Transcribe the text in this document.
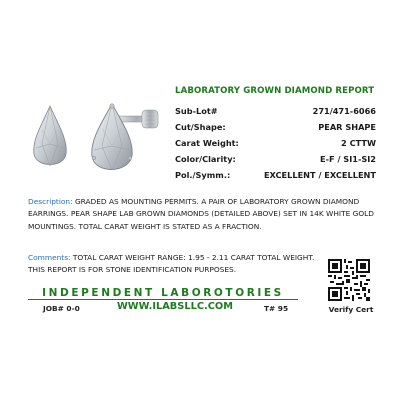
LABORATORY GROWN DIAMOND REPORT
Sub-Lot#	271/471-6066
Cut/Shape:	PEAR SHAPE
Carat Weight:	2 CTTW
Color/Clarity:	E-F / SI1-SI2
Pol./Symm.:	EXCELLENT / EXCELLENT

Description: GRADED AS MOUNTING PERMITS. A PAIR OF LABORATORY GROWN DIAMOND EARRINGS. PEAR SHAPE LAB GROWN DIAMONDS (DETAILED ABOVE) SET IN 14K WHITE GOLD MOUNTINGS. TOTAL CARAT WEIGHT IS STATED AS A FRACTION.

Comments: TOTAL CARAT WEIGHT RANGE: 1.95 - 2.11 CARAT TOTAL WEIGHT. THIS REPORT IS FOR STONE IDENTIFICATION PURPOSES.

Verify Cert
INDEPENDENT LABOROTORIES
JOB# 0-0	WWW.ILABSLLC.COM	T# 95
